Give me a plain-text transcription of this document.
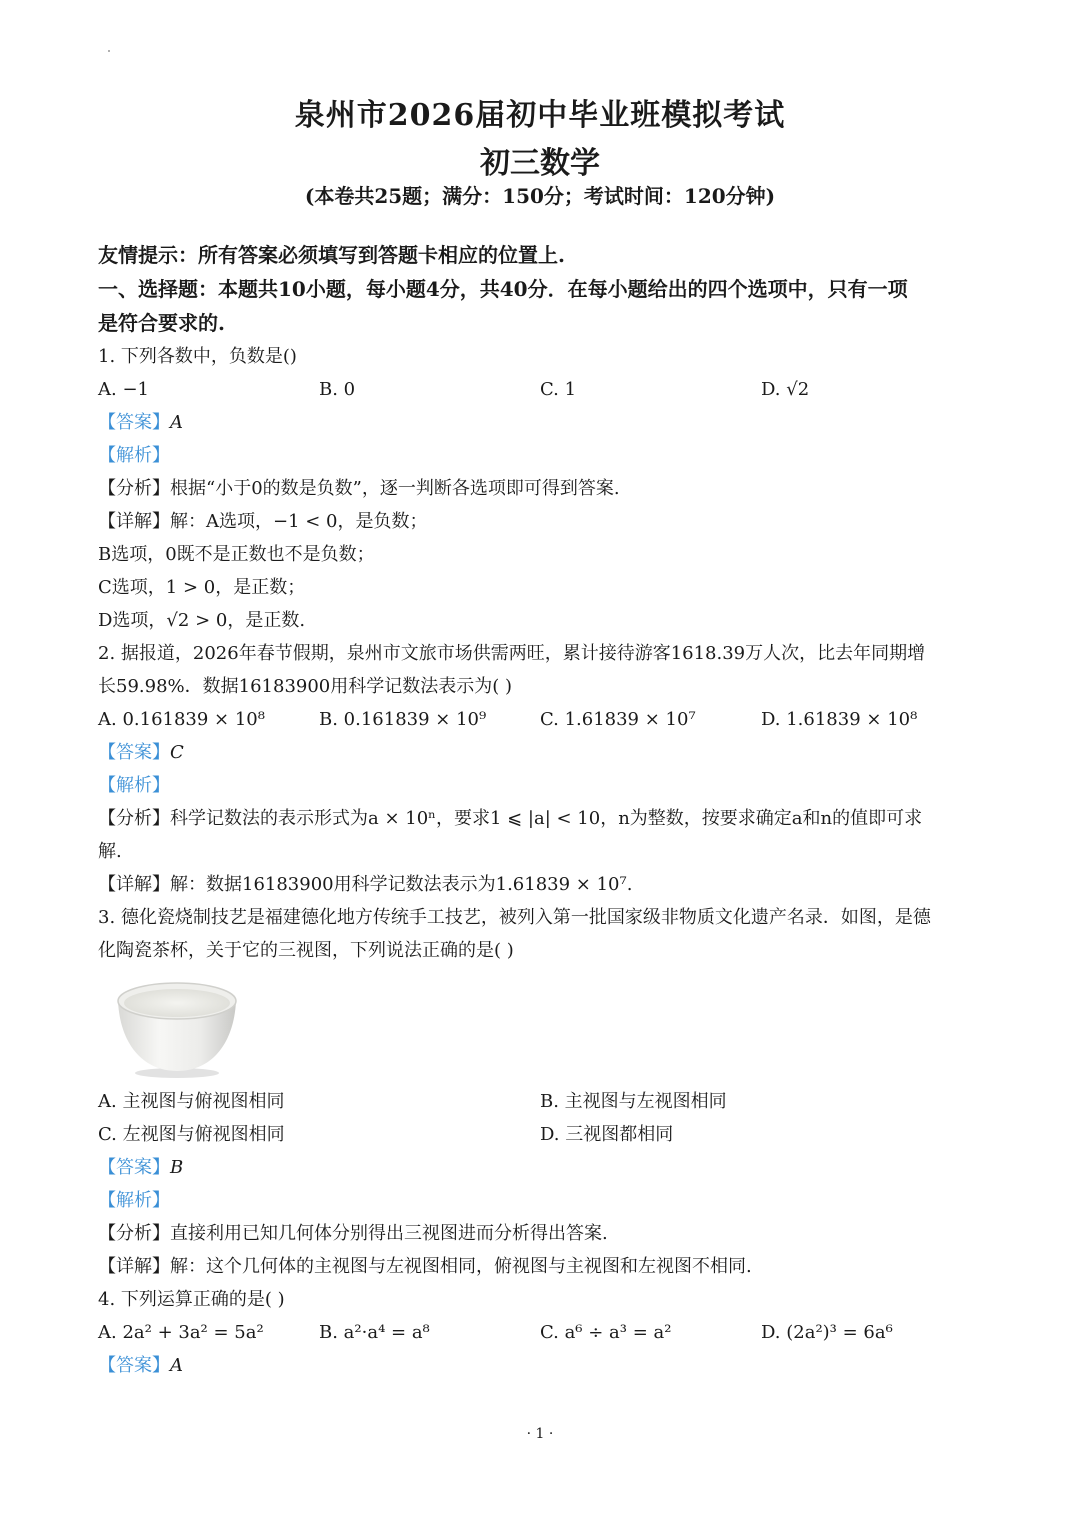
泉州市2026届初中毕业班模拟考试
初三数学
(本卷共25题；满分：150分；考试时间：120分钟)
友情提示：所有答案必须填写到答题卡相应的位置上.
一、选择题：本题共10小题，每小题4分，共40分．在每小题给出的四个选项中，只有一项
是符合要求的.
1. 下列各数中，负数是()
A. −1	B. 0	C. 1	D. √2
【答案】A
【解析】
【分析】根据“小于0的数是负数”，逐一判断各选项即可得到答案.
【详解】解：A选项，−1 < 0，是负数；
B选项，0既不是正数也不是负数；
C选项，1 > 0，是正数；
D选项，√2 > 0，是正数.
2. 据报道，2026年春节假期，泉州市文旅市场供需两旺，累计接待游客1618.39万人次，比去年同期增
长59.98%．数据16183900用科学记数法表示为( )
A. 0.161839 × 10⁸	B. 0.161839 × 10⁹	C. 1.61839 × 10⁷	D. 1.61839 × 10⁸
【答案】C
【解析】
【分析】科学记数法的表示形式为a × 10ⁿ，要求1 ⩽ |a| < 10，n为整数，按要求确定a和n的值即可求
解.
【详解】解：数据16183900用科学记数法表示为1.61839 × 10⁷.
3. 德化瓷烧制技艺是福建德化地方传统手工技艺，被列入第一批国家级非物质文化遗产名录．如图，是德
化陶瓷茶杯，关于它的三视图，下列说法正确的是( )
A. 主视图与俯视图相同	B. 主视图与左视图相同
C. 左视图与俯视图相同	D. 三视图都相同
【答案】B
【解析】
【分析】直接利用已知几何体分别得出三视图进而分析得出答案.
【详解】解：这个几何体的主视图与左视图相同，俯视图与主视图和左视图不相同.
4. 下列运算正确的是( )
A. 2a² + 3a² = 5a²	B. a²·a⁴ = a⁸	C. a⁶ ÷ a³ = a²	D. (2a²)³ = 6a⁶
【答案】A
· 1 ·
